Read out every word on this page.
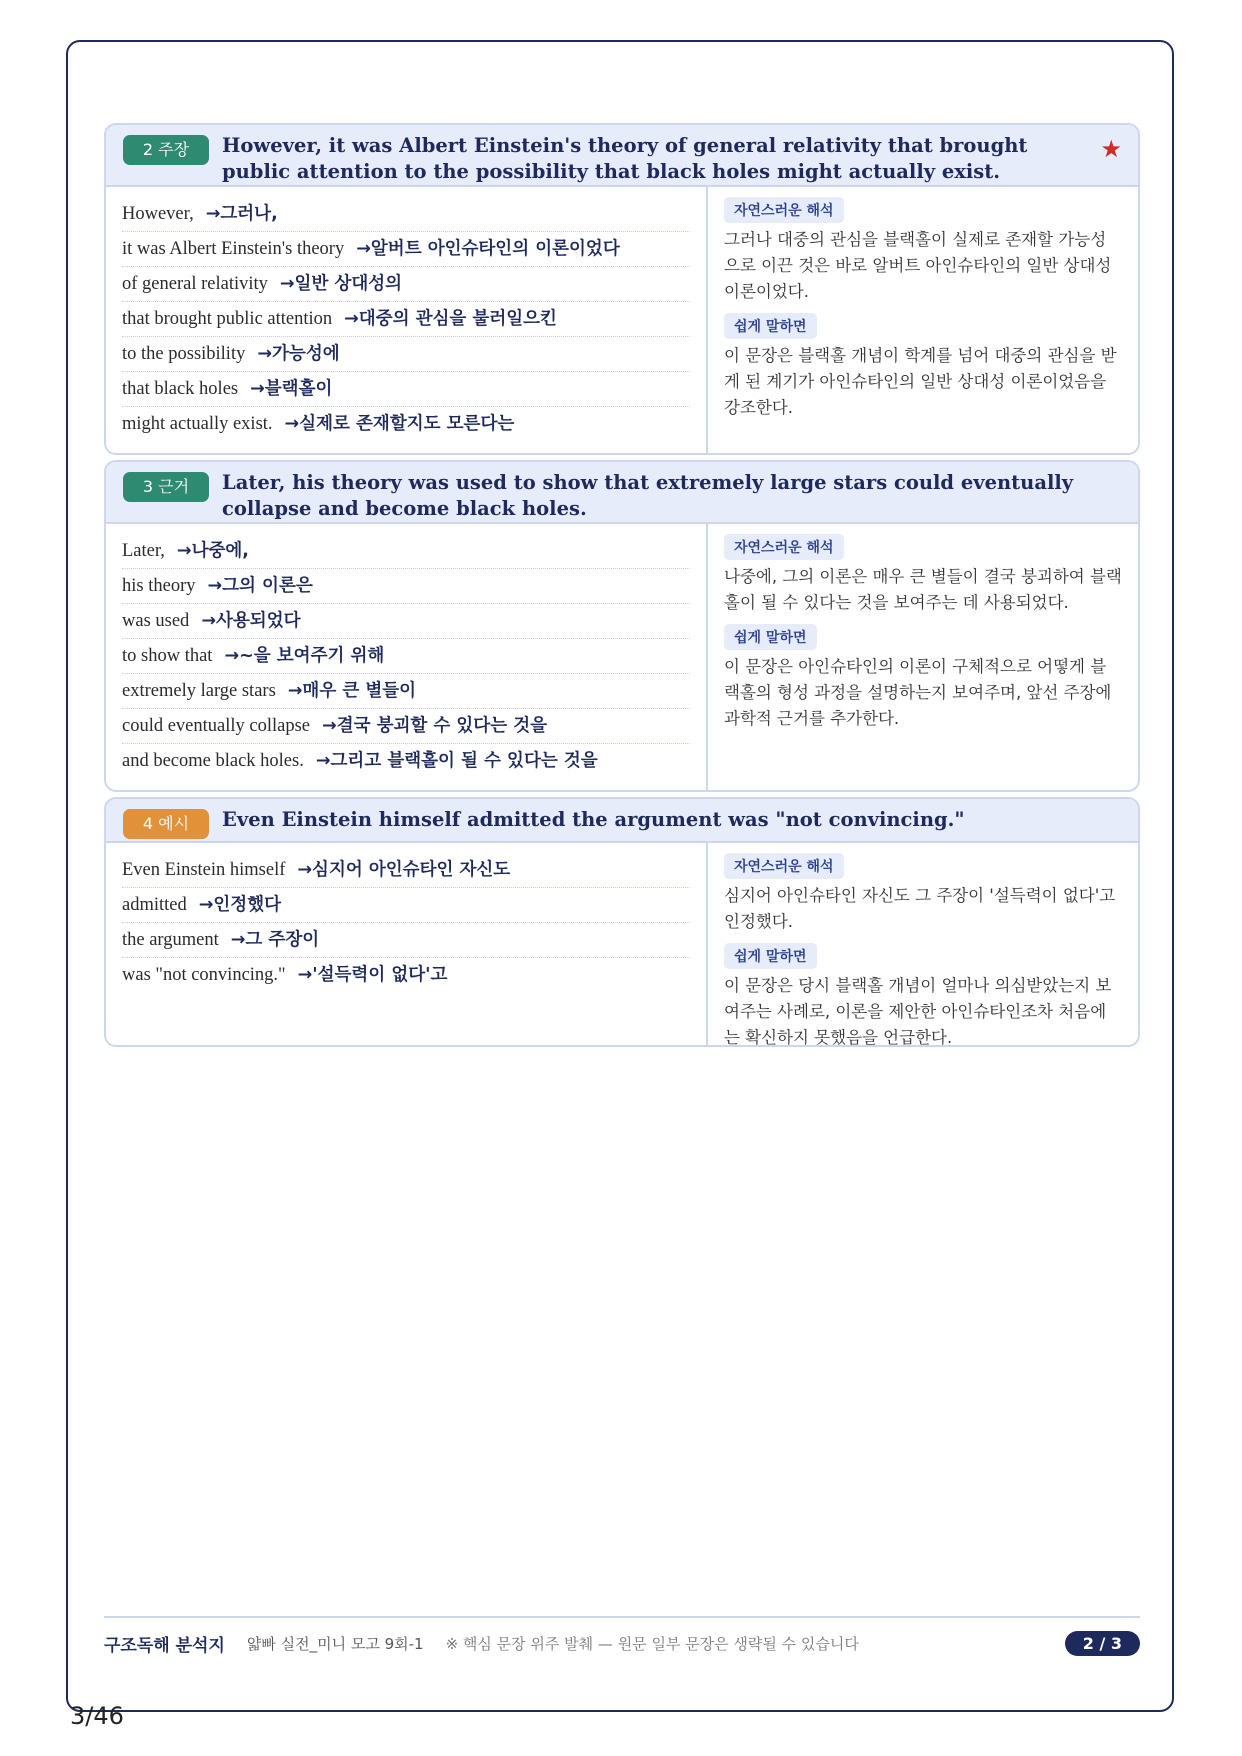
2 주장	However, it was Albert Einstein's theory of general relativity that brought public attention to the possibility that black holes might actually exist.
★
However, →그러나,
it was Albert Einstein's theory →알버트 아인슈타인의 이론이었다
of general relativity →일반 상대성의
that brought public attention →대중의 관심을 불러일으킨
to the possibility →가능성에
that black holes →블랙홀이
might actually exist. →실제로 존재할지도 모른다는
자연스러운 해석

그러나 대중의 관심을 블랙홀이 실제로 존재할 가능성으로 이끈 것은 바로 알버트 아인슈타인의 일반 상대성 이론이었다.

쉽게 말하면

이 문장은 블랙홀 개념이 학계를 넘어 대중의 관심을 받게 된 계기가 아인슈타인의 일반 상대성 이론이었음을 강조한다.

3 근거	Later, his theory was used to show that extremely large stars could eventually collapse and become black holes.
Later, →나중에,
his theory →그의 이론은
was used →사용되었다
to show that →~을 보여주기 위해
extremely large stars →매우 큰 별들이
could eventually collapse →결국 붕괴할 수 있다는 것을
and become black holes. →그리고 블랙홀이 될 수 있다는 것을
자연스러운 해석

나중에, 그의 이론은 매우 큰 별들이 결국 붕괴하여 블랙홀이 될 수 있다는 것을 보여주는 데 사용되었다.

쉽게 말하면

이 문장은 아인슈타인의 이론이 구체적으로 어떻게 블랙홀의 형성 과정을 설명하는지 보여주며, 앞선 주장에 과학적 근거를 추가한다.

4 예시	Even Einstein himself admitted the argument was "not convincing."
Even Einstein himself →심지어 아인슈타인 자신도
admitted →인정했다
the argument →그 주장이
was "not convincing." →'설득력이 없다'고
자연스러운 해석

심지어 아인슈타인 자신도 그 주장이 '설득력이 없다'고 인정했다.

쉽게 말하면

이 문장은 당시 블랙홀 개념이 얼마나 의심받았는지 보여주는 사례로, 이론을 제안한 아인슈타인조차 처음에는 확신하지 못했음을 언급한다.

구조독해 분석지 얇빠 실전_미니 모고 9회-1 ※ 핵심 문장 위주 발췌 — 원문 일부 문장은 생략될 수 있습니다	2 / 3
3/46
